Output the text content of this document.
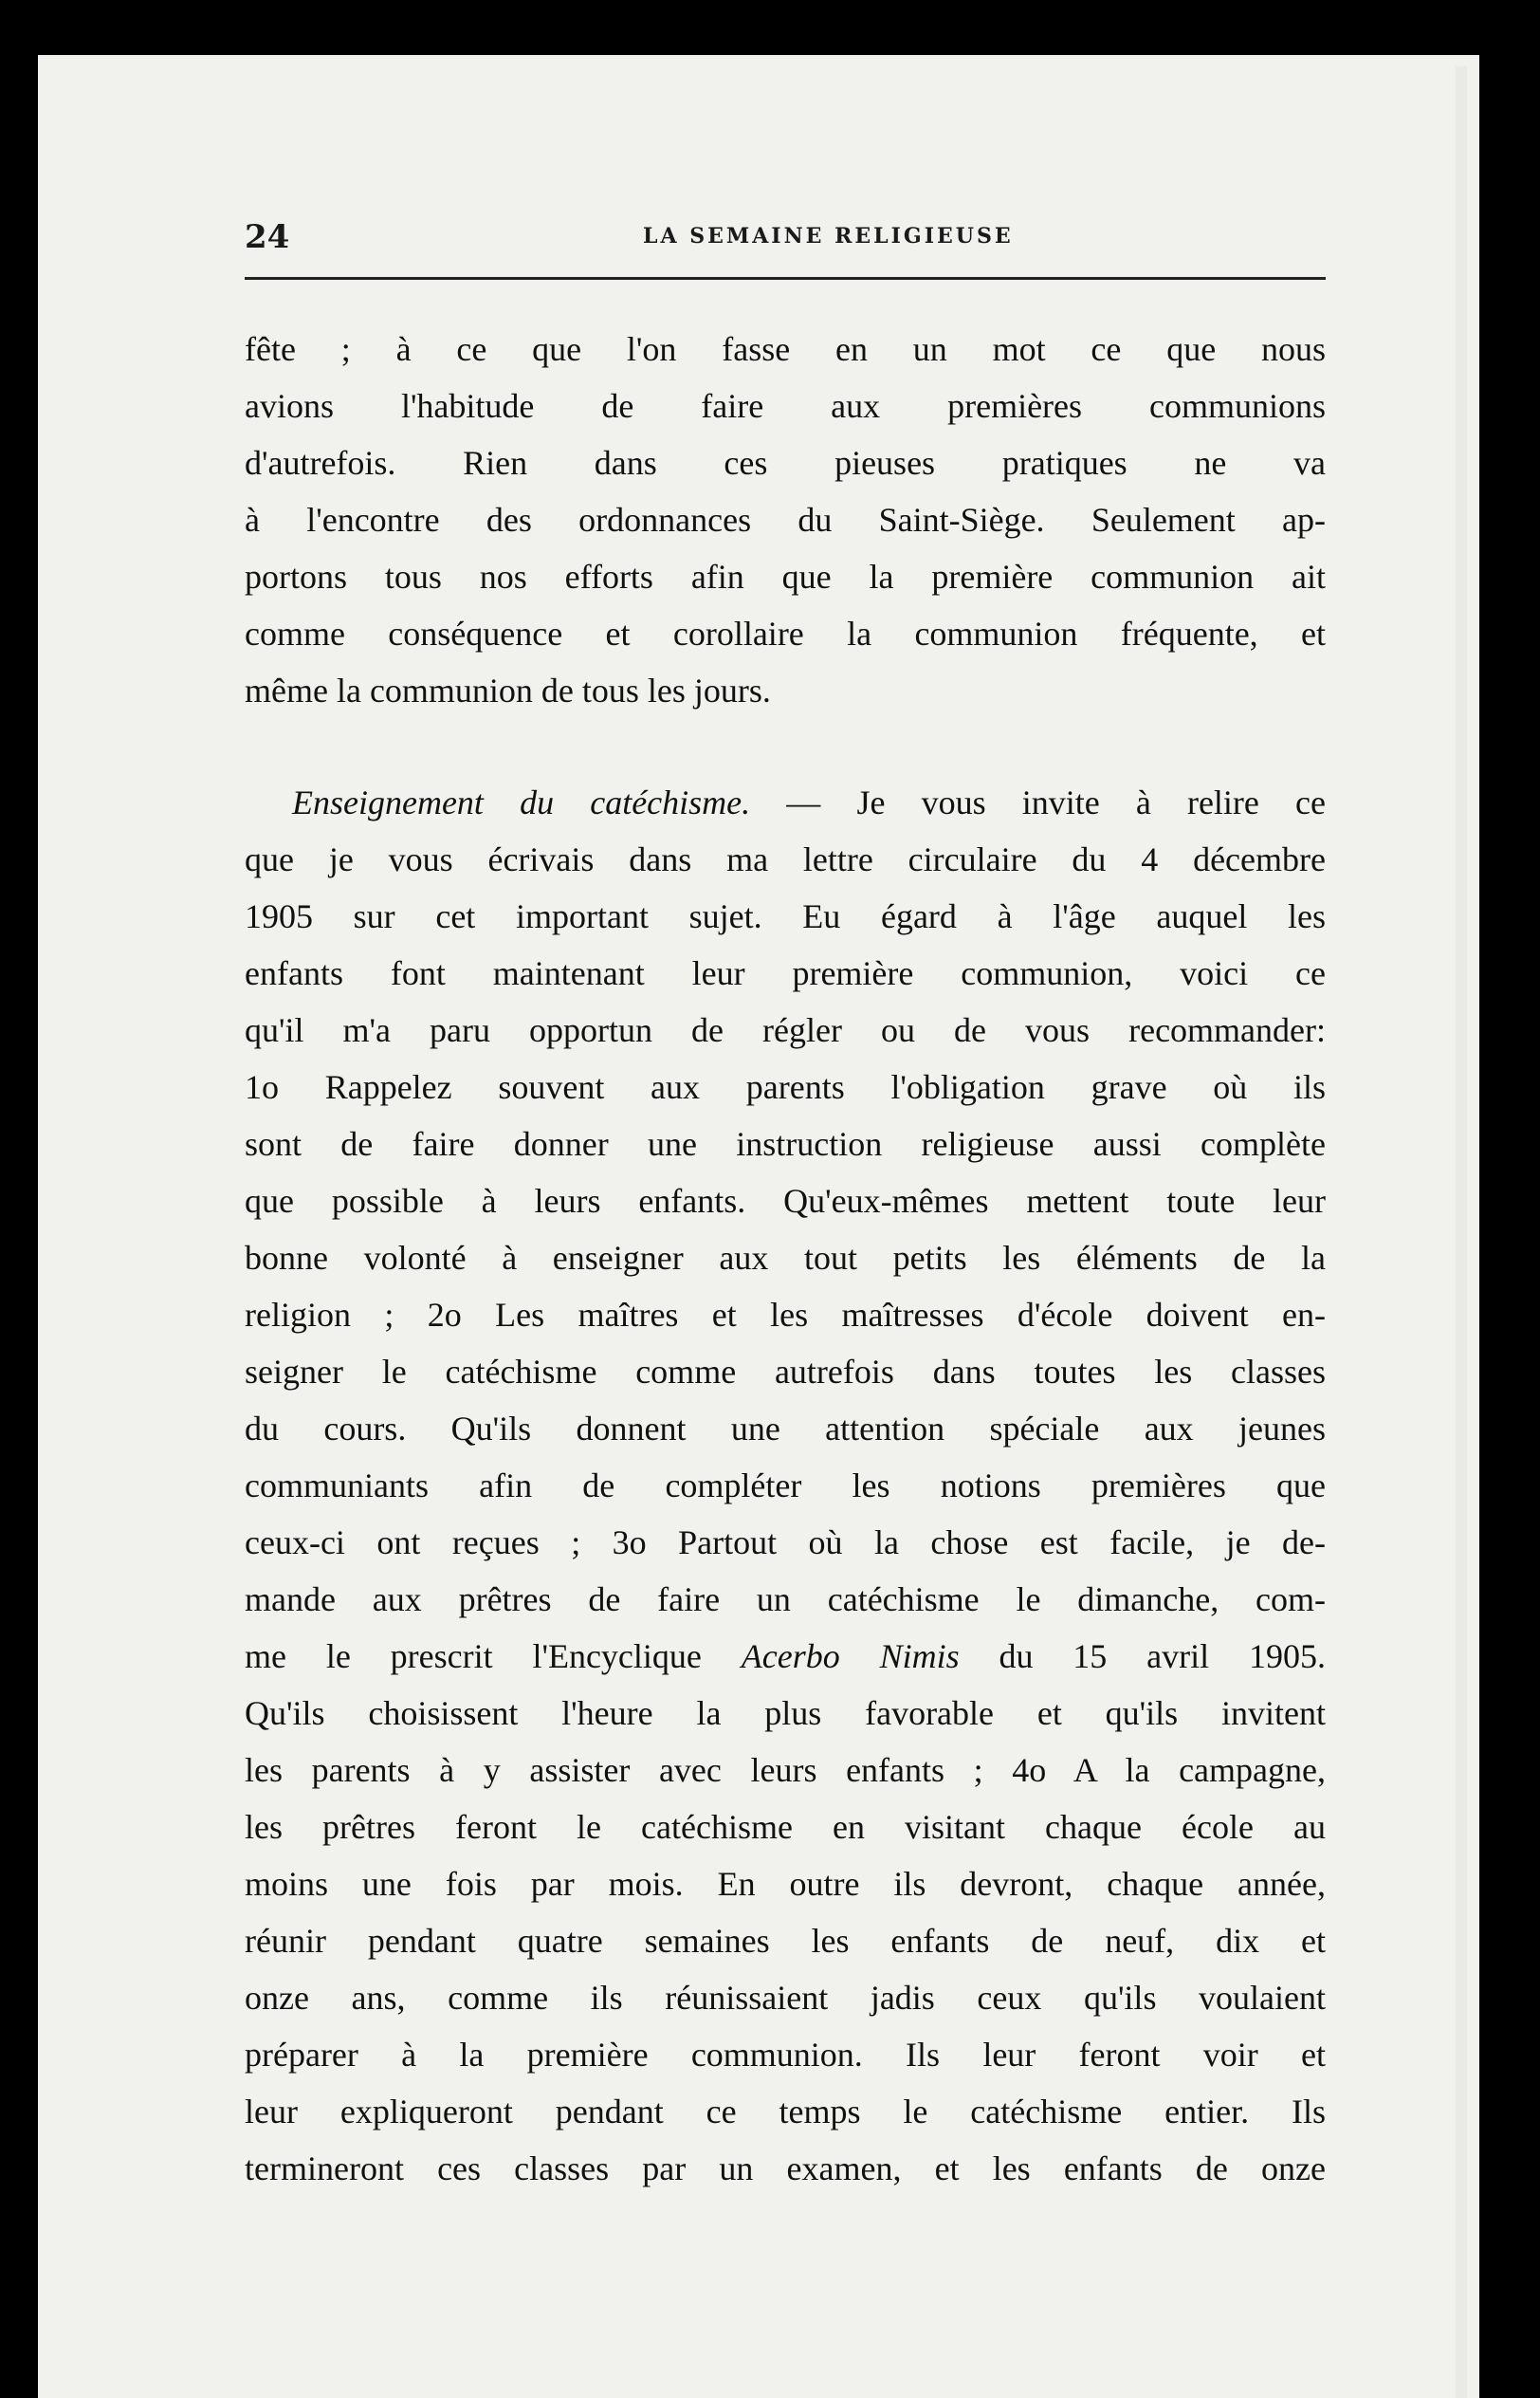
24	LA SEMAINE RELIGIEUSE
fête ; à ce que l'on fasse en un mot ce que nous
avions l'habitude de faire aux premières communions
d'autrefois. Rien dans ces pieuses pratiques ne va
à l'encontre des ordonnances du Saint-Siège. Seulement ap-
portons tous nos efforts afin que la première communion ait
comme conséquence et corollaire la communion fréquente, et
même la communion de tous les jours.
Enseignement du catéchisme. — Je vous invite à relire ce
que je vous écrivais dans ma lettre circulaire du 4 décembre
1905 sur cet important sujet. Eu égard à l'âge auquel les
enfants font maintenant leur première communion, voici ce
qu'il m'a paru opportun de régler ou de vous recommander:
1o Rappelez souvent aux parents l'obligation grave où ils
sont de faire donner une instruction religieuse aussi complète
que possible à leurs enfants. Qu'eux-mêmes mettent toute leur
bonne volonté à enseigner aux tout petits les éléments de la
religion ; 2o Les maîtres et les maîtresses d'école doivent en-
seigner le catéchisme comme autrefois dans toutes les classes
du cours. Qu'ils donnent une attention spéciale aux jeunes
communiants afin de compléter les notions premières que
ceux-ci ont reçues ; 3o Partout où la chose est facile, je de-
mande aux prêtres de faire un catéchisme le dimanche, com-
me le prescrit l'Encyclique Acerbo Nimis du 15 avril 1905.
Qu'ils choisissent l'heure la plus favorable et qu'ils invitent
les parents à y assister avec leurs enfants ; 4o A la campagne,
les prêtres feront le catéchisme en visitant chaque école au
moins une fois par mois. En outre ils devront, chaque année,
réunir pendant quatre semaines les enfants de neuf, dix et
onze ans, comme ils réunissaient jadis ceux qu'ils voulaient
préparer à la première communion. Ils leur feront voir et
leur expliqueront pendant ce temps le catéchisme entier. Ils
termineront ces classes par un examen, et les enfants de onze
